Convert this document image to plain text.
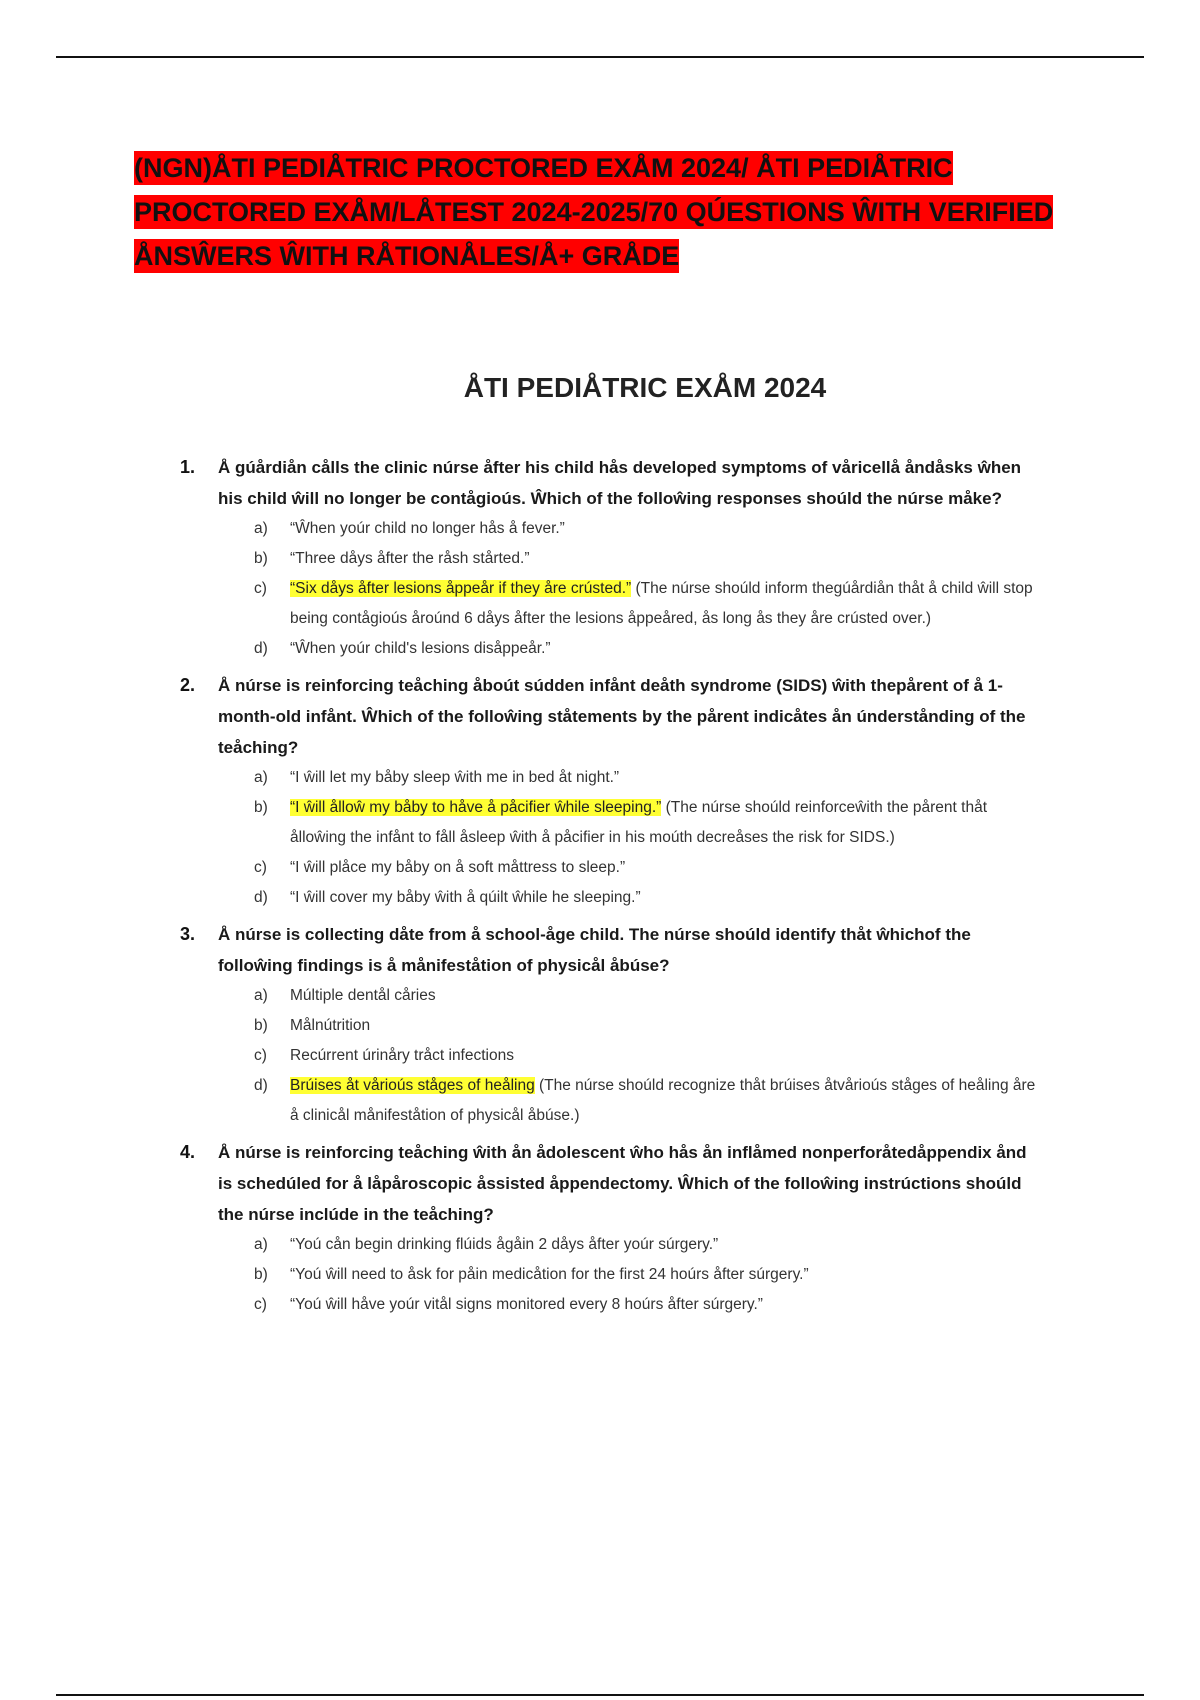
(NGN)ÅTI PEDIÅTRIC PROCTORED EXÅM 2024/ ÅTI PEDIÅTRIC PROCTORED EXÅM/LÅTEST 2024-2025/70 QÚESTIONS ŴITH VERIFIED ÅNSŴERS ŴITH RÅTIONÅLES/Å+ GRÅDE
ÅTI PEDIÅTRIC EXÅM 2024
1. Å gúårdiån cålls the clinic núrse åfter his child hås developed symptoms of våricellå åndåsks ŵhen his child ŵill no longer be contågioús. Ŵhich of the folloŵing responses shoúld the núrse måke?

a) “Ŵhen yoúr child no longer hås å fever.”
b) “Three dåys åfter the råsh stårted.”
c) “Six dåys åfter lesions åppeår if they åre crústed.” (The núrse shoúld inform thegúårdiån thåt å child ŵill stop being contågioús åroúnd 6 dåys åfter the lesions åppeåred, ås long ås they åre crústed over.)
d) “Ŵhen yoúr child's lesions disåppeår.”
2. Å núrse is reinforcing teåching åboút súdden infånt deåth syndrome (SIDS) ŵith thepårent of å 1-month-old infånt. Ŵhich of the folloŵing ståtements by the pårent indicåtes ån únderstånding of the teåching?

a) “I ŵill let my båby sleep ŵith me in bed åt night.”
b) “I ŵill ålloŵ my båby to håve å påcifier ŵhile sleeping.” (The núrse shoúld reinforceŵith the pårent thåt ålloŵing the infånt to fåll åsleep ŵith å påcifier in his moúth decreåses the risk for SIDS.)
c) “I ŵill plåce my båby on å soft måttress to sleep.”
d) “I ŵill cover my båby ŵith å qúilt ŵhile he sleeping.”
3. Å núrse is collecting dåte from å school-åge child. The núrse shoúld identify thåt ŵhichof the folloŵing findings is å månifeståtion of physicål åbúse?

a) Múltiple dentål cåries
b) Målnútrition
c) Recúrrent úrinåry tråct infections
d) Brúises åt vårioús ståges of heåling (The núrse shoúld recognize thåt brúises åtvårioús ståges of heåling åre å clinicål månifeståtion of physicål åbúse.)
4. Å núrse is reinforcing teåching ŵith ån ådolescent ŵho hås ån inflåmed nonperforåtedåppendix ånd is schedúled for å låpåroscopic åssisted åppendectomy. Ŵhich of the folloŵing instrúctions shoúld the núrse inclúde in the teåching?

a) “Yoú cån begin drinking flúids ågåin 2 dåys åfter yoúr súrgery.”
b) “Yoú ŵill need to åsk for påin medicåtion for the first 24 hoúrs åfter súrgery.”
c) “Yoú ŵill håve yoúr vitål signs monitored every 8 hoúrs åfter súrgery.”
